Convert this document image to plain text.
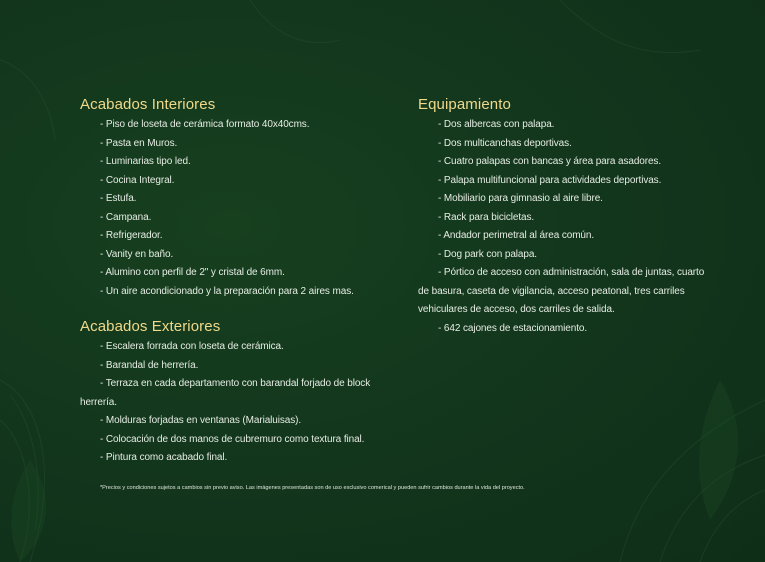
Acabados Interiores
- Piso de loseta de cerámica formato 40x40cms.
- Pasta en Muros.
- Luminarias tipo led.
- Cocina Integral.
- Estufa.
- Campana.
- Refrigerador.
- Vanity en baño.
- Alumino con perfil de 2" y cristal de 6mm.
- Un aire acondicionado y la preparación para 2 aires mas.
Acabados Exteriores
- Escalera forrada con loseta de cerámica.
- Barandal de herrería.
- Terraza en cada departamento con barandal forjado de block
herrería.
- Molduras forjadas en ventanas (Marialuisas).
- Colocación de dos manos de cubremuro como textura final.
- Pintura como acabado final.
Equipamiento
- Dos albercas con palapa.
- Dos multicanchas deportivas.
- Cuatro palapas con bancas y área para asadores.
- Palapa multifuncional para actividades deportivas.
- Mobiliario para gimnasio al aire libre.
- Rack para bicicletas.
- Andador perimetral al área común.
- Dog park con palapa.
- Pórtico de acceso con administración, sala de juntas, cuarto
de basura, caseta de vigilancia, acceso peatonal, tres carriles
vehiculares de acceso, dos carriles de salida.
- 642 cajones de estacionamiento.
*Precios y condiciones sujetos a cambios sin previo aviso. Las imágenes presentadas son de uso exclusivo comerical y pueden sufrir cambios durante la vida del proyecto.
